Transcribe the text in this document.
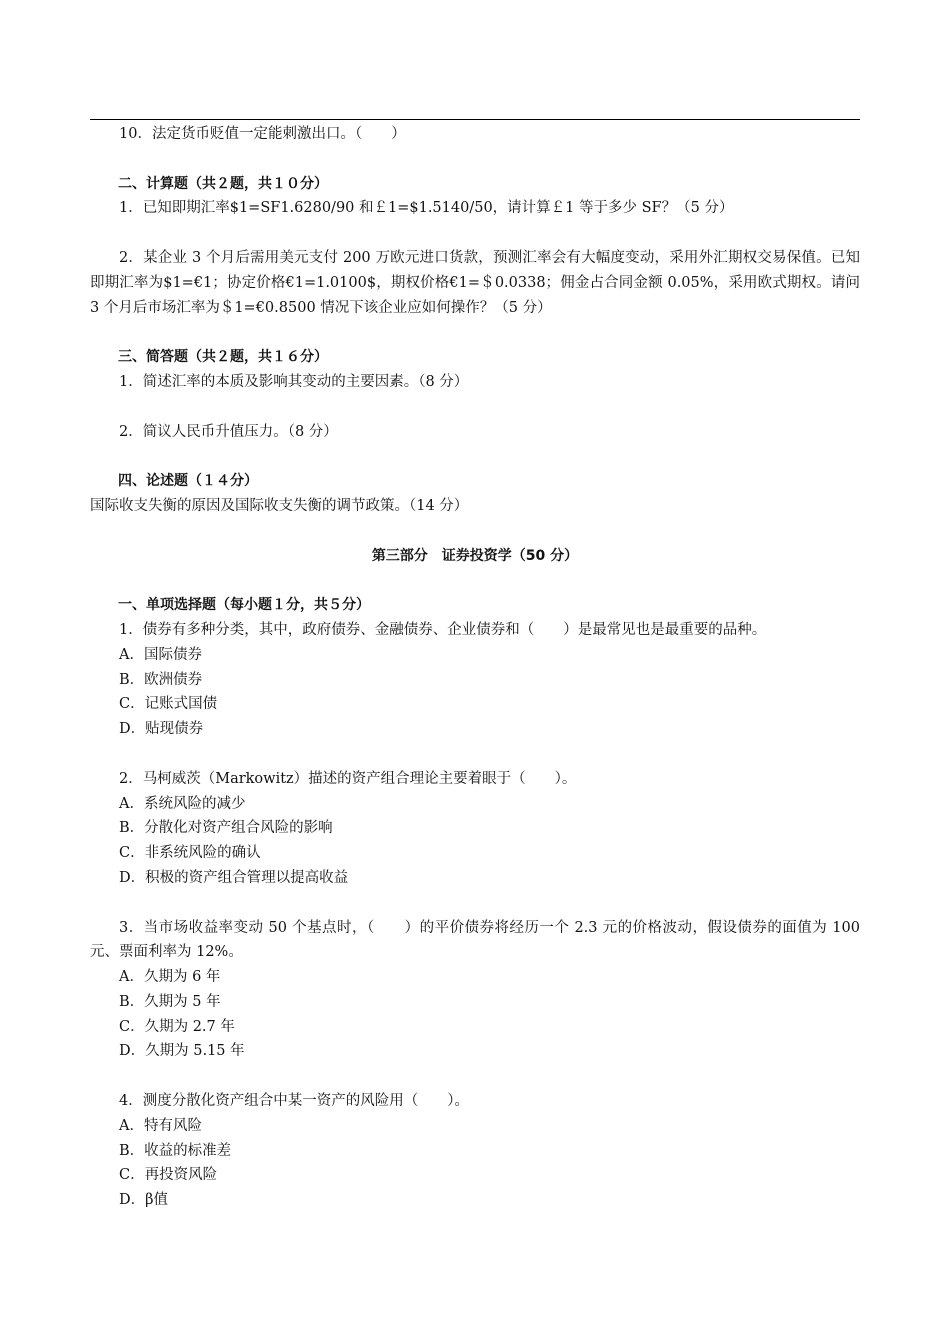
10．法定货币贬值一定能刺激出口。（　　）

二、计算题（共２题，共１０分）

1．已知即期汇率$1=SF1.6280/90 和￡1=$1.5140/50，请计算￡1 等于多少 SF？（5 分）

2．某企业 3 个月后需用美元支付 200 万欧元进口货款，预测汇率会有大幅度变动，采用外汇期权交易保值。已知即期汇率为$1=€1；协定价格€1=1.0100$，期权价格€1=＄0.0338；佣金占合同金额 0.05%，采用欧式期权。请问 3 个月后市场汇率为＄1=€0.8500 情况下该企业应如何操作？（5 分）

三、简答题（共２题，共１６分）

1．简述汇率的本质及影响其变动的主要因素。（8 分）

2．简议人民币升值压力。（8 分）

四、论述题（１４分）

国际收支失衡的原因及国际收支失衡的调节政策。（14 分）

第三部分　证券投资学（50 分）

一、单项选择题（每小题１分，共５分）

1．债券有多种分类，其中，政府债券、金融债券、企业债券和（　　）是最常见也是最重要的品种。

A．国际债券

B．欧洲债券

C．记账式国债

D．贴现债券

2．马柯威茨（Markowitz）描述的资产组合理论主要着眼于（　　）。

A．系统风险的减少

B．分散化对资产组合风险的影响

C．非系统风险的确认

D．积极的资产组合管理以提高收益

3．当市场收益率变动 50 个基点时，（　　）的平价债券将经历一个 2.3 元的价格波动，假设债券的面值为 100 元、票面利率为 12%。

A．久期为 6 年

B．久期为 5 年

C．久期为 2.7 年

D．久期为 5.15 年

4．测度分散化资产组合中某一资产的风险用（　　）。

A．特有风险

B．收益的标准差

C．再投资风险

D．β值
